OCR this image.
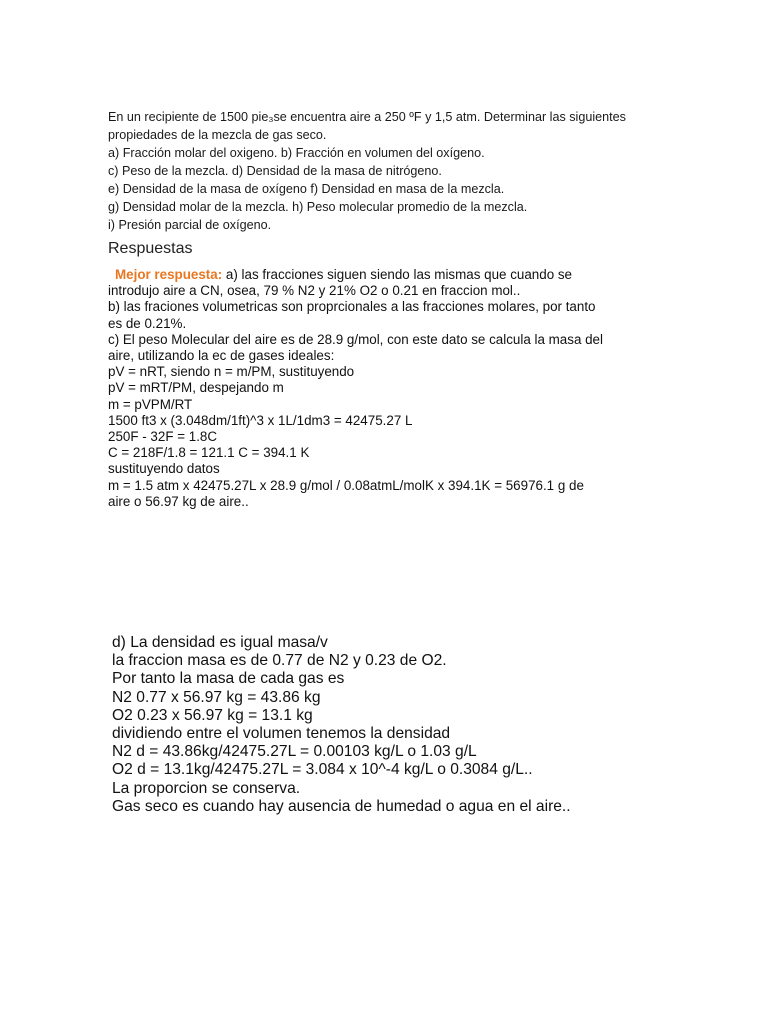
En un recipiente de 1500 pie₃se encuentra aire a 250 ºF y 1,5 atm. Determinar las siguientes
propiedades de la mezcla de gas seco.
a) Fracción molar del oxigeno. b) Fracción en volumen del oxígeno.
c) Peso de la mezcla. d) Densidad de la masa de nitrógeno.
e) Densidad de la masa de oxígeno f) Densidad en masa de la mezcla.
g) Densidad molar de la mezcla. h) Peso molecular promedio de la mezcla.
i) Presión parcial de oxígeno.
Respuestas
Mejor respuesta: a) las fracciones siguen siendo las mismas que cuando se
introdujo aire a CN, osea, 79 % N2 y 21% O2 o 0.21 en fraccion mol..
b) las fraciones volumetricas son proprcionales a las fracciones molares, por tanto
es de 0.21%.
c) El peso Molecular del aire es de 28.9 g/mol, con este dato se calcula la masa del
aire, utilizando la ec de gases ideales:
pV = nRT, siendo n = m/PM, sustituyendo
pV = mRT/PM, despejando m
m = pVPM/RT
1500 ft3 x (3.048dm/1ft)^3 x 1L/1dm3 = 42475.27 L
250F - 32F = 1.8C
C = 218F/1.8 = 121.1 C = 394.1 K
sustituyendo datos
m = 1.5 atm x 42475.27L x 28.9 g/mol / 0.08atmL/molK x 394.1K = 56976.1 g de
aire o 56.97 kg de aire..
d) La densidad es igual masa/v
la fraccion masa es de 0.77 de N2 y 0.23 de O2.
Por tanto la masa de cada gas es
N2 0.77 x 56.97 kg = 43.86 kg
O2 0.23 x 56.97 kg = 13.1 kg
dividiendo entre el volumen tenemos la densidad
N2 d = 43.86kg/42475.27L = 0.00103 kg/L o 1.03 g/L
O2 d = 13.1kg/42475.27L = 3.084 x 10^-4 kg/L o 0.3084 g/L..
La proporcion se conserva.
Gas seco es cuando hay ausencia de humedad o agua en el aire..
